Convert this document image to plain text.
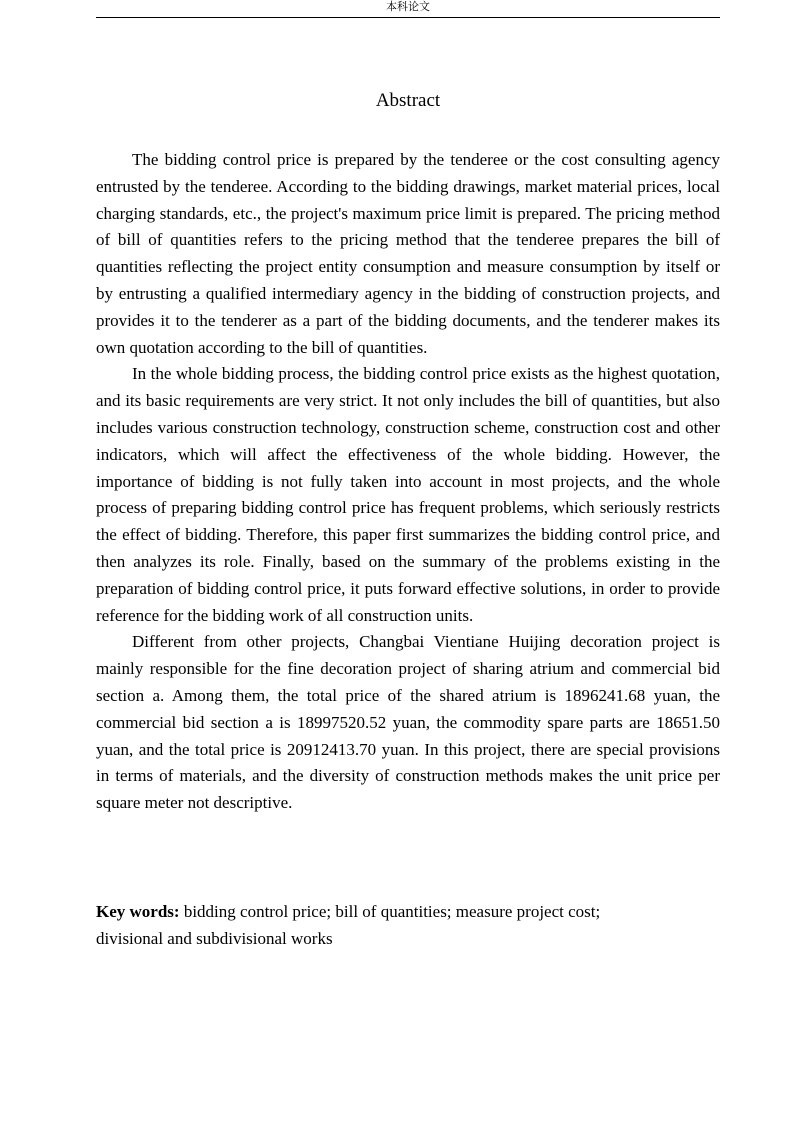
本科论文
Abstract

The bidding control price is prepared by the tenderee or the cost consulting agency entrusted by the tenderee. According to the bidding drawings, market material prices, local charging standards, etc., the project's maximum price limit is prepared. The pricing method of bill of quantities refers to the pricing method that the tenderee prepares the bill of quantities reflecting the project entity consumption and measure consumption by itself or by entrusting a qualified intermediary agency in the bidding of construction projects, and provides it to the tenderer as a part of the bidding documents, and the tenderer makes its own quotation according to the bill of quantities.

In the whole bidding process, the bidding control price exists as the highest quotation, and its basic requirements are very strict. It not only includes the bill of quantities, but also includes various construction technology, construction scheme, construction cost and other indicators, which will affect the effectiveness of the whole bidding. However, the importance of bidding is not fully taken into account in most projects, and the whole process of preparing bidding control price has frequent problems, which seriously restricts the effect of bidding. Therefore, this paper first summarizes the bidding control price, and then analyzes its role. Finally, based on the summary of the problems existing in the preparation of bidding control price, it puts forward effective solutions, in order to provide reference for the bidding work of all construction units.

Different from other projects, Changbai Vientiane Huijing decoration project is mainly responsible for the fine decoration project of sharing atrium and commercial bid section a. Among them, the total price of the shared atrium is 1896241.68 yuan, the commercial bid section a is 18997520.52 yuan, the commodity spare parts are 18651.50 yuan, and the total price is 20912413.70 yuan. In this project, there are special provisions in terms of materials, and the diversity of construction methods makes the unit price per square meter not descriptive.

Key words: bidding control price; bill of quantities; measure project cost;
divisional and subdivisional works
